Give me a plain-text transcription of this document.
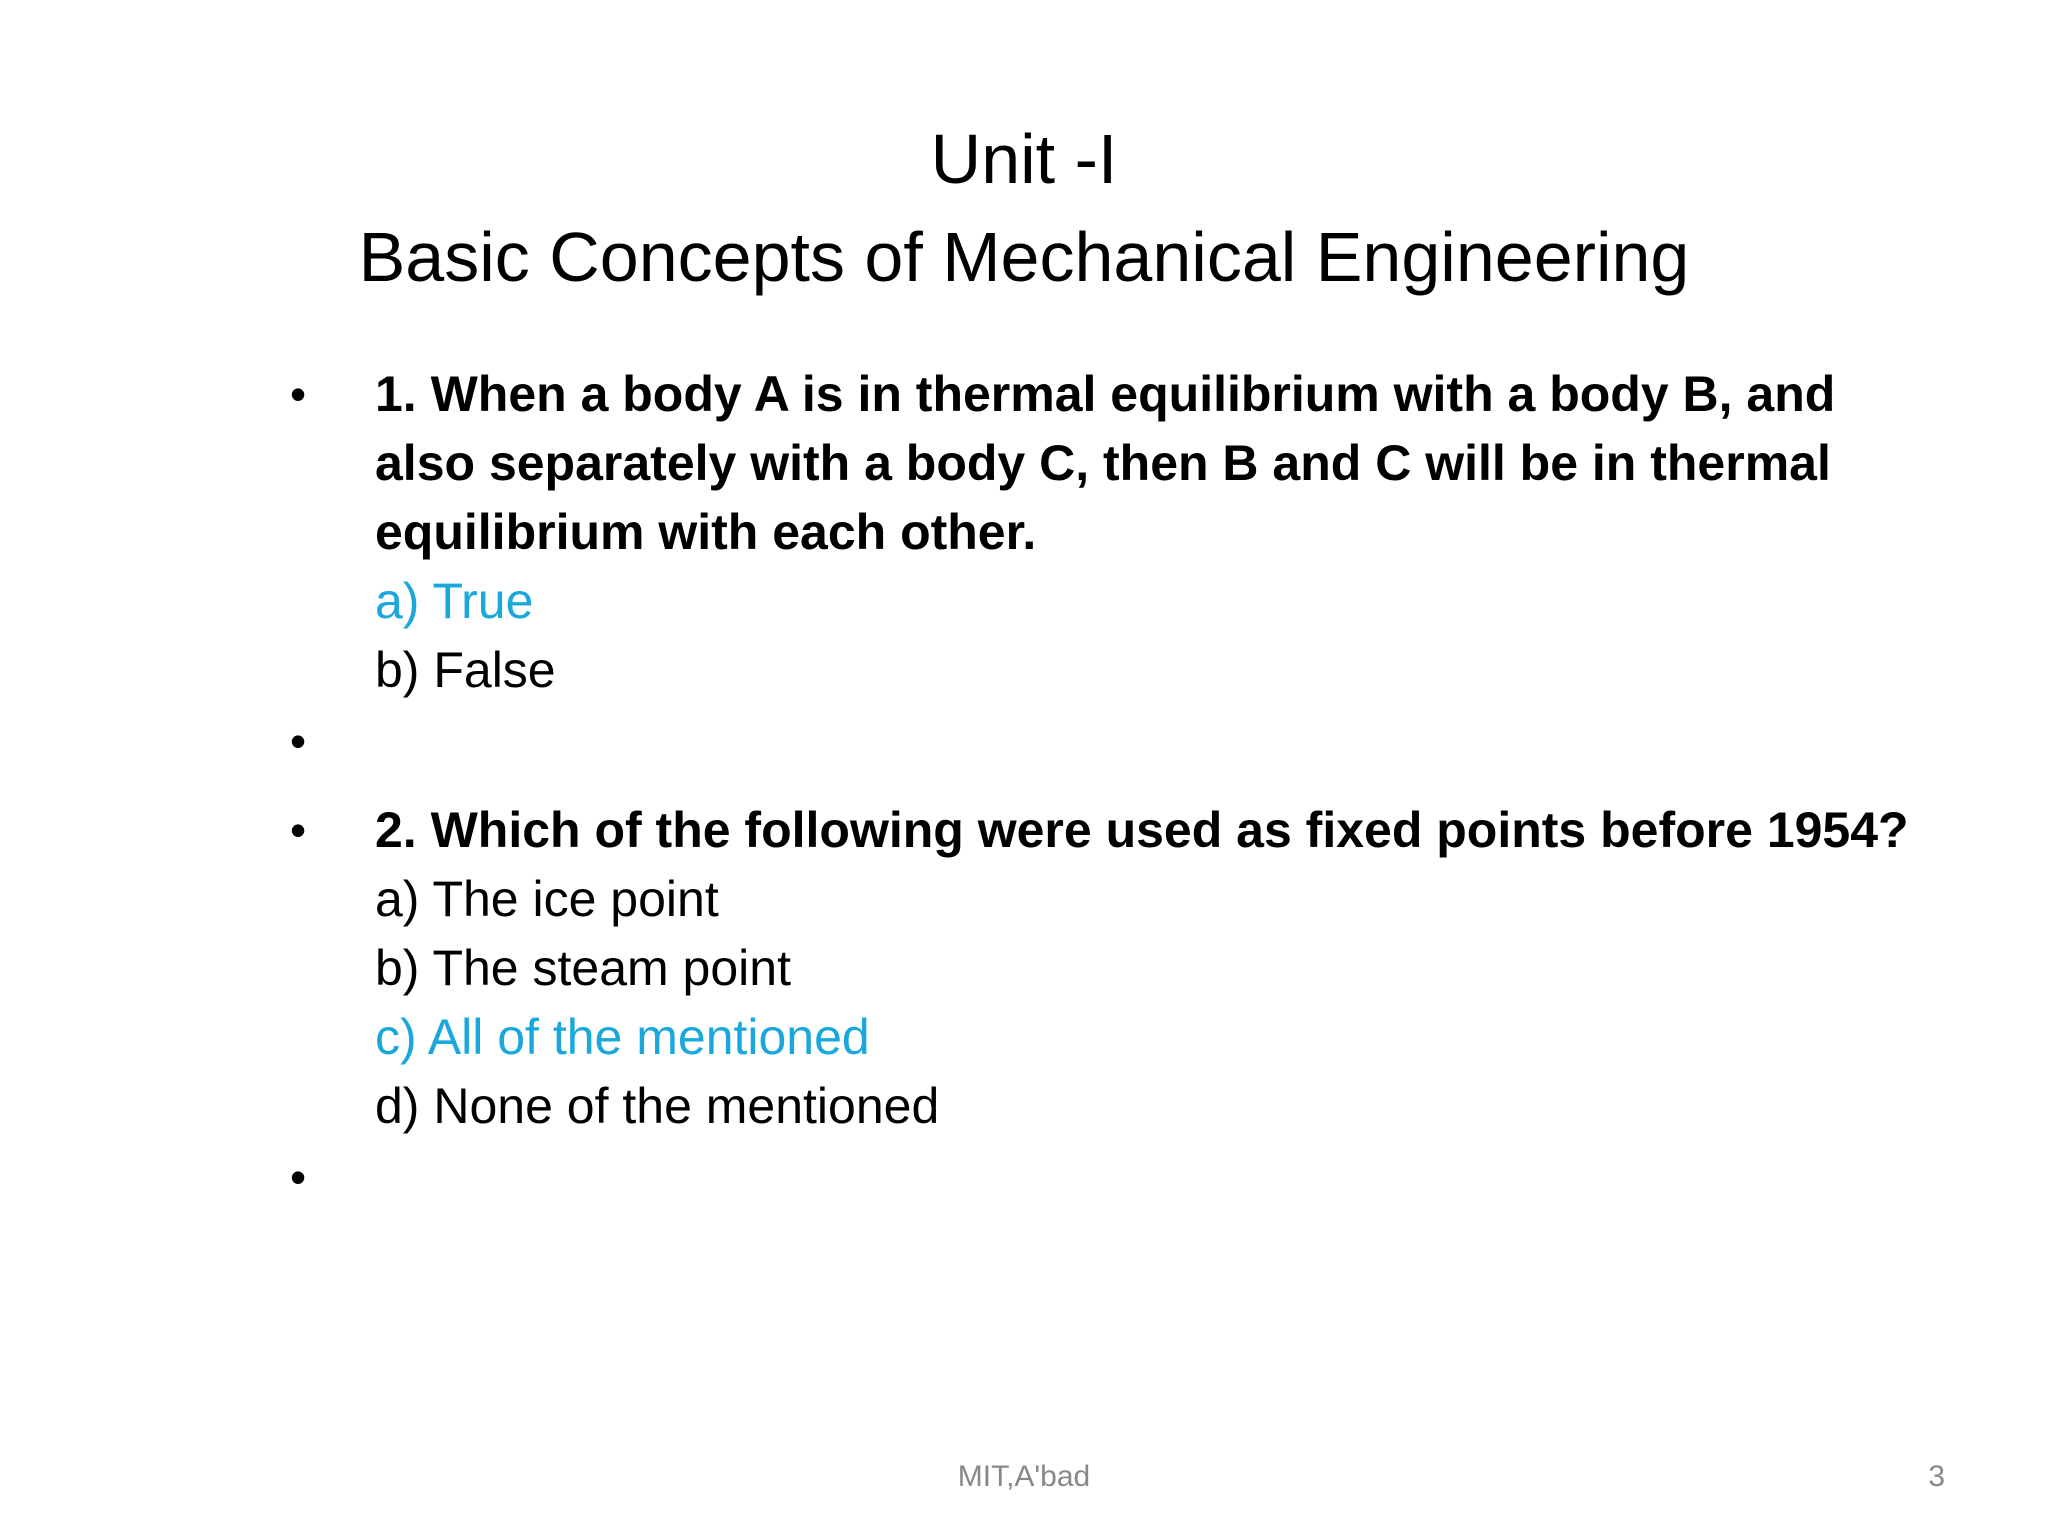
Unit -I
Basic Concepts of Mechanical Engineering
• 1. When a body A is in thermal equilibrium with a body B, and also separately with a body C, then B and C will be in thermal equilibrium with each other.
a) True
b) False
•
• 2. Which of the following were used as fixed points before 1954?
a) The ice point
b) The steam point
c) All of the mentioned
d) None of the mentioned
•
MIT,A'bad	3
